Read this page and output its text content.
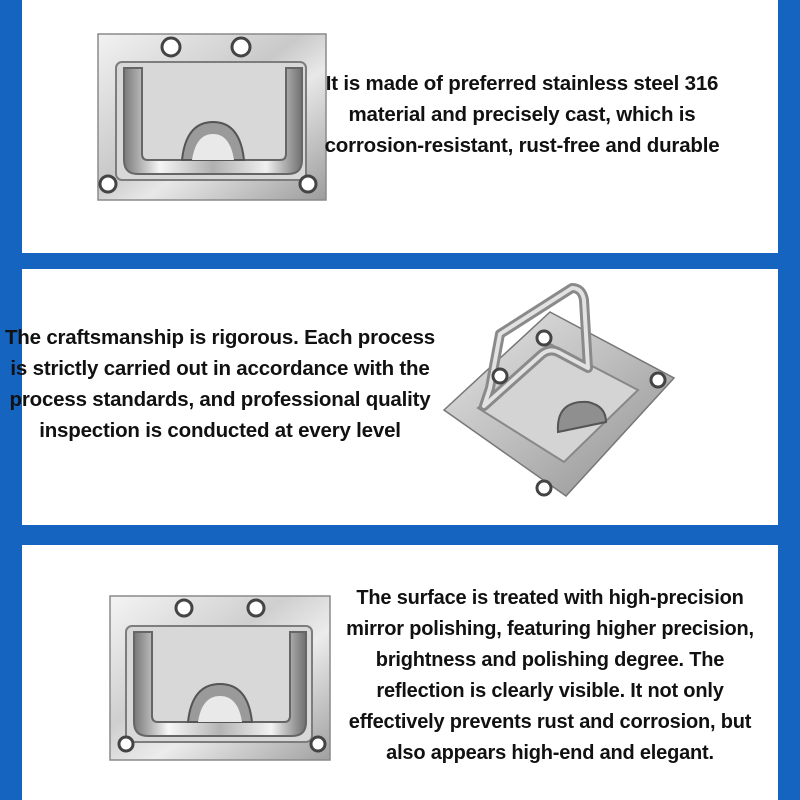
It is made of preferred stainless steel 316 material and precisely cast, which is corrosion-resistant, rust-free and durable
The craftsmanship is rigorous. Each process is strictly carried out in accordance with the process standards, and professional quality inspection is conducted at every level
The surface is treated with high-precision mirror polishing, featuring higher precision, brightness and polishing degree. The reflection is clearly visible. It not only effectively prevents rust and corrosion, but also appears high-end and elegant.
